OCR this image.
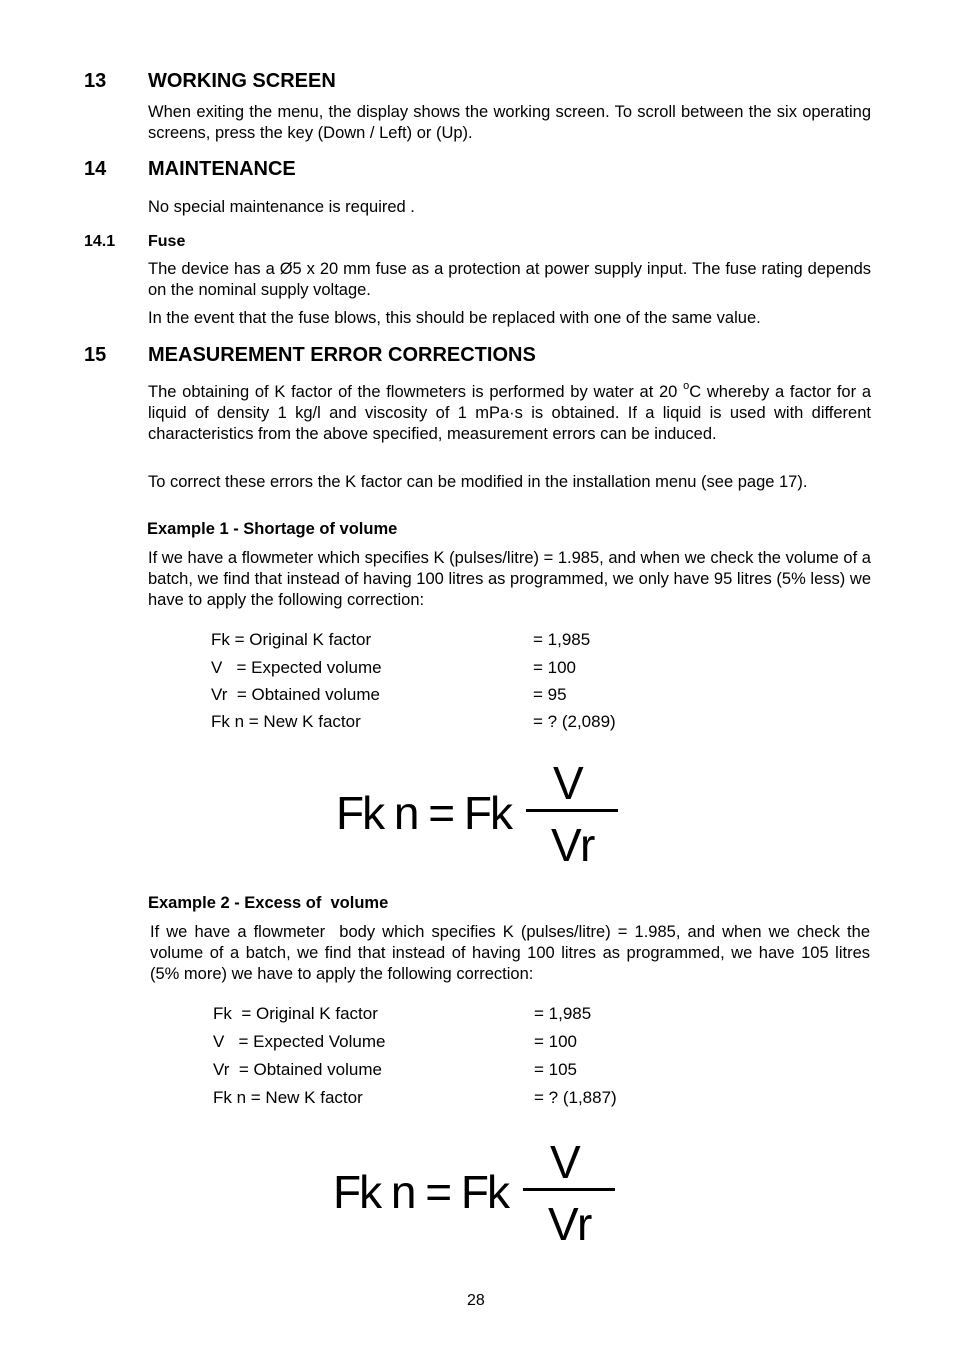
13 WORKING SCREEN
When exiting the menu, the display shows the working screen. To scroll between the six operating screens, press the key (Down / Left) or (Up).
14 MAINTENANCE
No special maintenance is required .
14.1 Fuse
The device has a Ø5 x 20 mm fuse as a protection at power supply input. The fuse rating depends on the nominal supply voltage.
In the event that the fuse blows, this should be replaced with one of the same value.
15 MEASUREMENT ERROR CORRECTIONS
The obtaining of K factor of the flowmeters is performed by water at 20 $^o$C whereby a factor for a liquid of density 1 kg/l and viscosity of 1 mPa·s is obtained. If a liquid is used with different characteristics from the above specified, measurement errors can be induced.
To correct these errors the K factor can be modified in the installation menu (see page 17).
Example 1 - Shortage of volume
If we have a flowmeter which specifies K (pulses/litre) = 1.985, and when we check the volume of a batch, we find that instead of having 100 litres as programmed, we only have 95 litres (5% less) we have to apply the following correction:
Fk = Original K factor	= 1,985
V   = Expected volume	= 100
Vr  = Obtained volume	= 95
Fk n = New K factor	= ? (2,089)
Fk n = Fk
V
Vr
Example 2 - Excess of  volume
If we have a flowmeter  body which specifies K (pulses/litre) = 1.985, and when we check the volume of a batch, we find that instead of having 100 litres as programmed, we have 105 litres (5% more) we have to apply the following correction:
Fk  = Original K factor	= 1,985
V   = Expected Volume	= 100
Vr  = Obtained volume	= 105
Fk n = New K factor	= ? (1,887)
Fk n = Fk
V
Vr
28
